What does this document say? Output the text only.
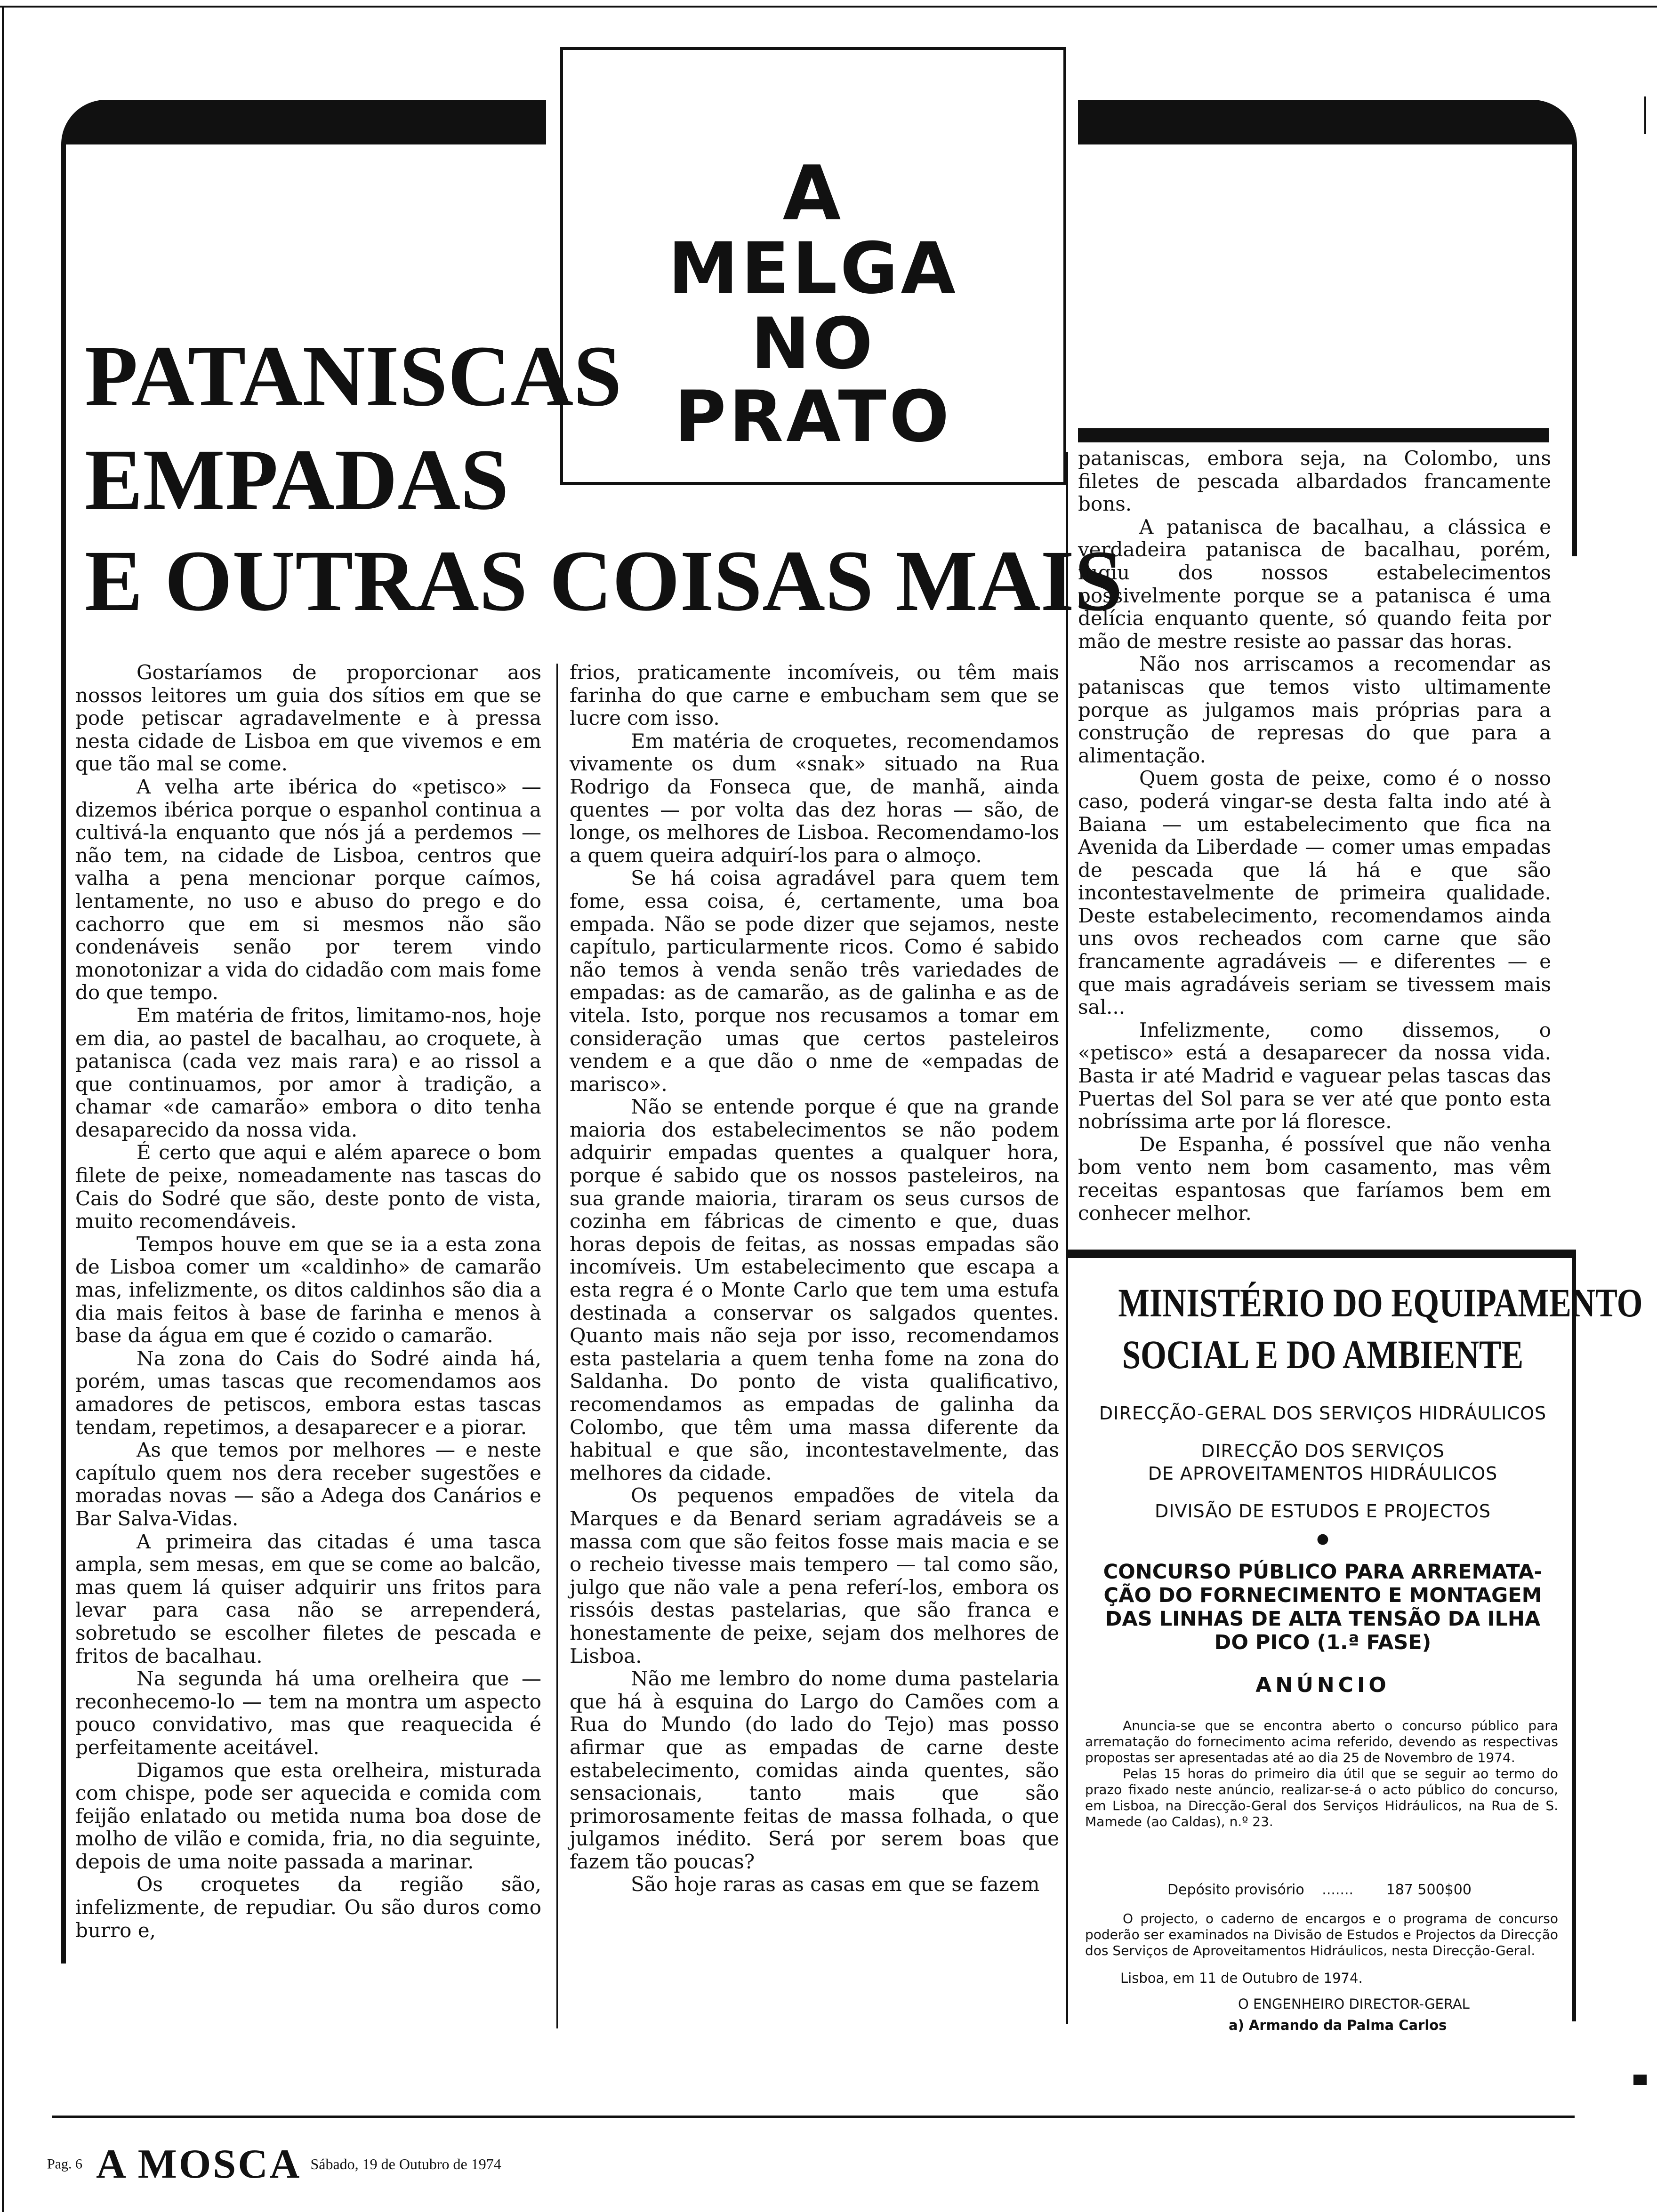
A
MELGA
NO
PRATO
PATANISCAS
EMPADAS
E OUTRAS COISAS MAIS

Gostaríamos de proporcionar aos nossos leitores um guia dos sítios em que se pode petiscar agradavelmente e à pressa nesta cidade de Lisboa em que vivemos e em que tão mal se come.

A velha arte ibérica do «petisco» — dizemos ibérica porque o espanhol continua a cultivá-la enquanto que nós já a perdemos — não tem, na cidade de Lisboa, centros que valha a pena mencionar porque caímos, lentamente, no uso e abuso do prego e do cachorro que em si mesmos não são condenáveis senão por terem vindo monotonizar a vida do cidadão com mais fome do que tempo.

Em matéria de fritos, limitamo-nos, hoje em dia, ao pastel de bacalhau, ao croquete, à patanisca (cada vez mais rara) e ao rissol a que continuamos, por amor à tradição, a chamar «de camarão» embora o dito tenha desaparecido da nossa vida.

É certo que aqui e além aparece o bom filete de peixe, nomeadamente nas tascas do Cais do Sodré que são, deste ponto de vista, muito recomendáveis.

Tempos houve em que se ia a esta zona de Lisboa comer um «caldinho» de camarão mas, infelizmente, os ditos caldinhos são dia a dia mais feitos à base de farinha e menos à base da água em que é cozido o camarão.

Na zona do Cais do Sodré ainda há, porém, umas tascas que recomendamos aos amadores de petiscos, embora estas tascas tendam, repetimos, a desaparecer e a piorar.

As que temos por melhores — e neste capítulo quem nos dera receber sugestões e moradas novas — são a Adega dos Canários e Bar Salva-Vidas.

A primeira das citadas é uma tasca ampla, sem mesas, em que se come ao balcão, mas quem lá quiser adquirir uns fritos para levar para casa não se arrependerá, sobretudo se escolher filetes de pescada e fritos de bacalhau.

Na segunda há uma orelheira que — reconhecemo-lo — tem na montra um aspecto pouco convidativo, mas que reaquecida é perfeitamente aceitável.

Digamos que esta orelheira, misturada com chispe, pode ser aquecida e comida com feijão enlatado ou metida numa boa dose de molho de vilão e comida, fria, no dia seguinte, depois de uma noite passada a marinar.

Os croquetes da região são, infelizmente, de repudiar. Ou são duros como burro e,

frios, praticamente incomíveis, ou têm mais farinha do que carne e embucham sem que se lucre com isso.

Em matéria de croquetes, recomendamos vivamente os dum «snak» situado na Rua Rodrigo da Fonseca que, de manhã, ainda quentes — por volta das dez horas — são, de longe, os melhores de Lisboa. Recomendamo-los a quem queira adquirí-los para o almoço.

Se há coisa agradável para quem tem fome, essa coisa, é, certamente, uma boa empada. Não se pode dizer que sejamos, neste capítulo, particularmente ricos. Como é sabido não temos à venda senão três variedades de empadas: as de camarão, as de galinha e as de vitela. Isto, porque nos recusamos a tomar em consideração umas que certos pasteleiros vendem e a que dão o nme de «empadas de marisco».

Não se entende porque é que na grande maioria dos estabelecimentos se não podem adquirir empadas quentes a qualquer hora, porque é sabido que os nossos pasteleiros, na sua grande maioria, tiraram os seus cursos de cozinha em fábricas de cimento e que, duas horas depois de feitas, as nossas empadas são incomíveis. Um estabelecimento que escapa a esta regra é o Monte Carlo que tem uma estufa destinada a conservar os salgados quentes. Quanto mais não seja por isso, recomendamos esta pastelaria a quem tenha fome na zona do Saldanha. Do ponto de vista qualificativo, recomendamos as empadas de galinha da Colombo, que têm uma massa diferente da habitual e que são, incontestavelmente, das melhores da cidade.

Os pequenos empadões de vitela da Marques e da Benard seriam agradáveis se a massa com que são feitos fosse mais macia e se o recheio tivesse mais tempero — tal como são, julgo que não vale a pena referí-los, embora os rissóis destas pastelarias, que são franca e honestamente de peixe, sejam dos melhores de Lisboa.

Não me lembro do nome duma pastelaria que há à esquina do Largo do Camões com a Rua do Mundo (do lado do Tejo) mas posso afirmar que as empadas de carne deste estabelecimento, comidas ainda quentes, são sensacionais, tanto mais que são primorosamente feitas de massa folhada, o que julgamos inédito. Será por serem boas que fazem tão poucas?

São hoje raras as casas em que se fazem

pataniscas, embora seja, na Colombo, uns filetes de pescada albardados francamente bons.

A patanisca de bacalhau, a clássica e verdadeira patanisca de bacalhau, porém, fugiu dos nossos estabelecimentos possivelmente porque se a patanisca é uma delícia enquanto quente, só quando feita por mão de mestre resiste ao passar das horas.

Não nos arriscamos a recomendar as pataniscas que temos visto ultimamente porque as julgamos mais próprias para a construção de represas do que para a alimentação.

Quem gosta de peixe, como é o nosso caso, poderá vingar-se desta falta indo até à Baiana — um estabelecimento que fica na Avenida da Liberdade — comer umas empadas de pescada que lá há e que são incontestavelmente de primeira qualidade. Deste estabelecimento, recomendamos ainda uns ovos recheados com carne que são francamente agradáveis — e diferentes — e que mais agradáveis seriam se tivessem mais sal...

Infelizmente, como dissemos, o «petisco» está a desaparecer da nossa vida. Basta ir até Madrid e vaguear pelas tascas das Puertas del Sol para se ver até que ponto esta nobríssima arte por lá floresce.

De Espanha, é possível que não venha bom vento nem bom casamento, mas vêm receitas espantosas que faríamos bem em conhecer melhor.

MINISTÉRIO DO EQUIPAMENTO
SOCIAL E DO AMBIENTE
DIRECÇÃO-GERAL DOS SERVIÇOS HIDRÁULICOS
DIRECÇÃO DOS SERVIÇOS
DE APROVEITAMENTOS HIDRÁULICOS
DIVISÃO DE ESTUDOS E PROJECTOS
●
CONCURSO PÚBLICO PARA ARREMATA-
ÇÃO DO FORNECIMENTO E MONTAGEM
DAS LINHAS DE ALTA TENSÃO DA ILHA
DO PICO (1.ª FASE)
ANÚNCIO

Anuncia-se que se encontra aberto o concurso público para arrematação do fornecimento acima referido, devendo as respectivas propostas ser apresentadas até ao dia 25 de Novembro de 1974.

Pelas 15 horas do primeiro dia útil que se seguir ao termo do prazo fixado neste anúncio, realizar-se-á o acto público do concurso, em Lisboa, na Direcção-Geral dos Serviços Hidráulicos, na Rua de S. Mamede (ao Caldas), n.º 23.

Depósito provisório ....... 187 500$00

O projecto, o caderno de encargos e o programa de concurso poderão ser examinados na Divisão de Estudos e Projectos da Direcção dos Serviços de Aproveitamentos Hidráulicos, nesta Direcção-Geral.

Lisboa, em 11 de Outubro de 1974.
O ENGENHEIRO DIRECTOR-GERAL
a) Armando da Palma Carlos
Pag. 6 A MOSCA Sábado, 19 de Outubro de 1974
